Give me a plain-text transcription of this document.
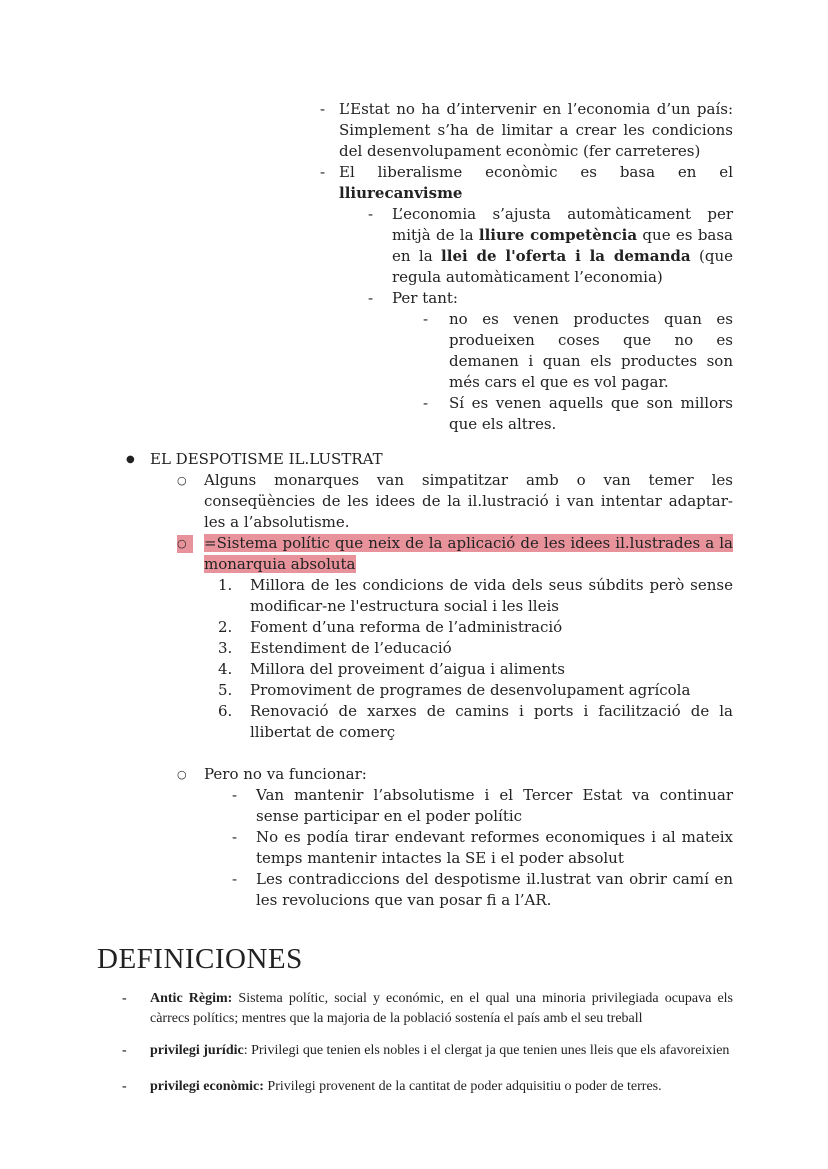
- L’Estat no ha d’intervenir en l’economia d’un país: Simplement s’ha de limitar a crear les condicions del desenvolupament econòmic (fer carreteres)
- El liberalisme econòmic es basa en el lliurecanvisme
-	L’economia s’ajusta automàticament per mitjà de la lliure competència que es basa en la llei de l'oferta i la demanda (que regula automàticament l’economia)
-	Per tant:
-	no es venen productes quan es produeixen coses que no es demanen i quan els productes son més cars el que es vol pagar.
-	Sí es venen aquells que son millors que els altres.
● EL DESPOTISME IL.LUSTRAT
○	Alguns monarques van simpatitzar amb o van temer les conseqüències de les idees de la il.lustració i van intentar adaptar-les a l’absolutisme.
○	=Sistema polític que neix de la aplicació de les idees il.lustrades a la monarquia absoluta
1. Millora de les condicions de vida dels seus súbdits però sense modificar-ne l'estructura social i les lleis
2. Foment d’una reforma de l’administració
3. Estendiment de l’educació
4. Millora del proveiment d’aigua i aliments
5. Promoviment de programes de desenvolupament agrícola
6. Renovació de xarxes de camins i ports i facilització de la llibertat de comerç
○	Pero no va funcionar:
-	Van mantenir l’absolutisme i el Tercer Estat va continuar sense participar en el poder polític
-	No es podía tirar endevant reformes economiques i al mateix temps mantenir intactes la SE i el poder absolut
-	Les contradiccions del despotisme il.lustrat van obrir camí en les revolucions que van posar fi a l’AR.
DEFINICIONES
-	Antic Règim: Sistema polític, social y económic, en el qual una minoria privilegiada ocupava els càrrecs polítics; mentres que la majoria de la població sostenía el país amb el seu treball
-	privilegi jurídic: Privilegi que tenien els nobles i el clergat ja que tenien unes lleis que els afavoreixien
-	privilegi econòmic: Privilegi provenent de la cantitat de poder adquisitiu o poder de terres.
